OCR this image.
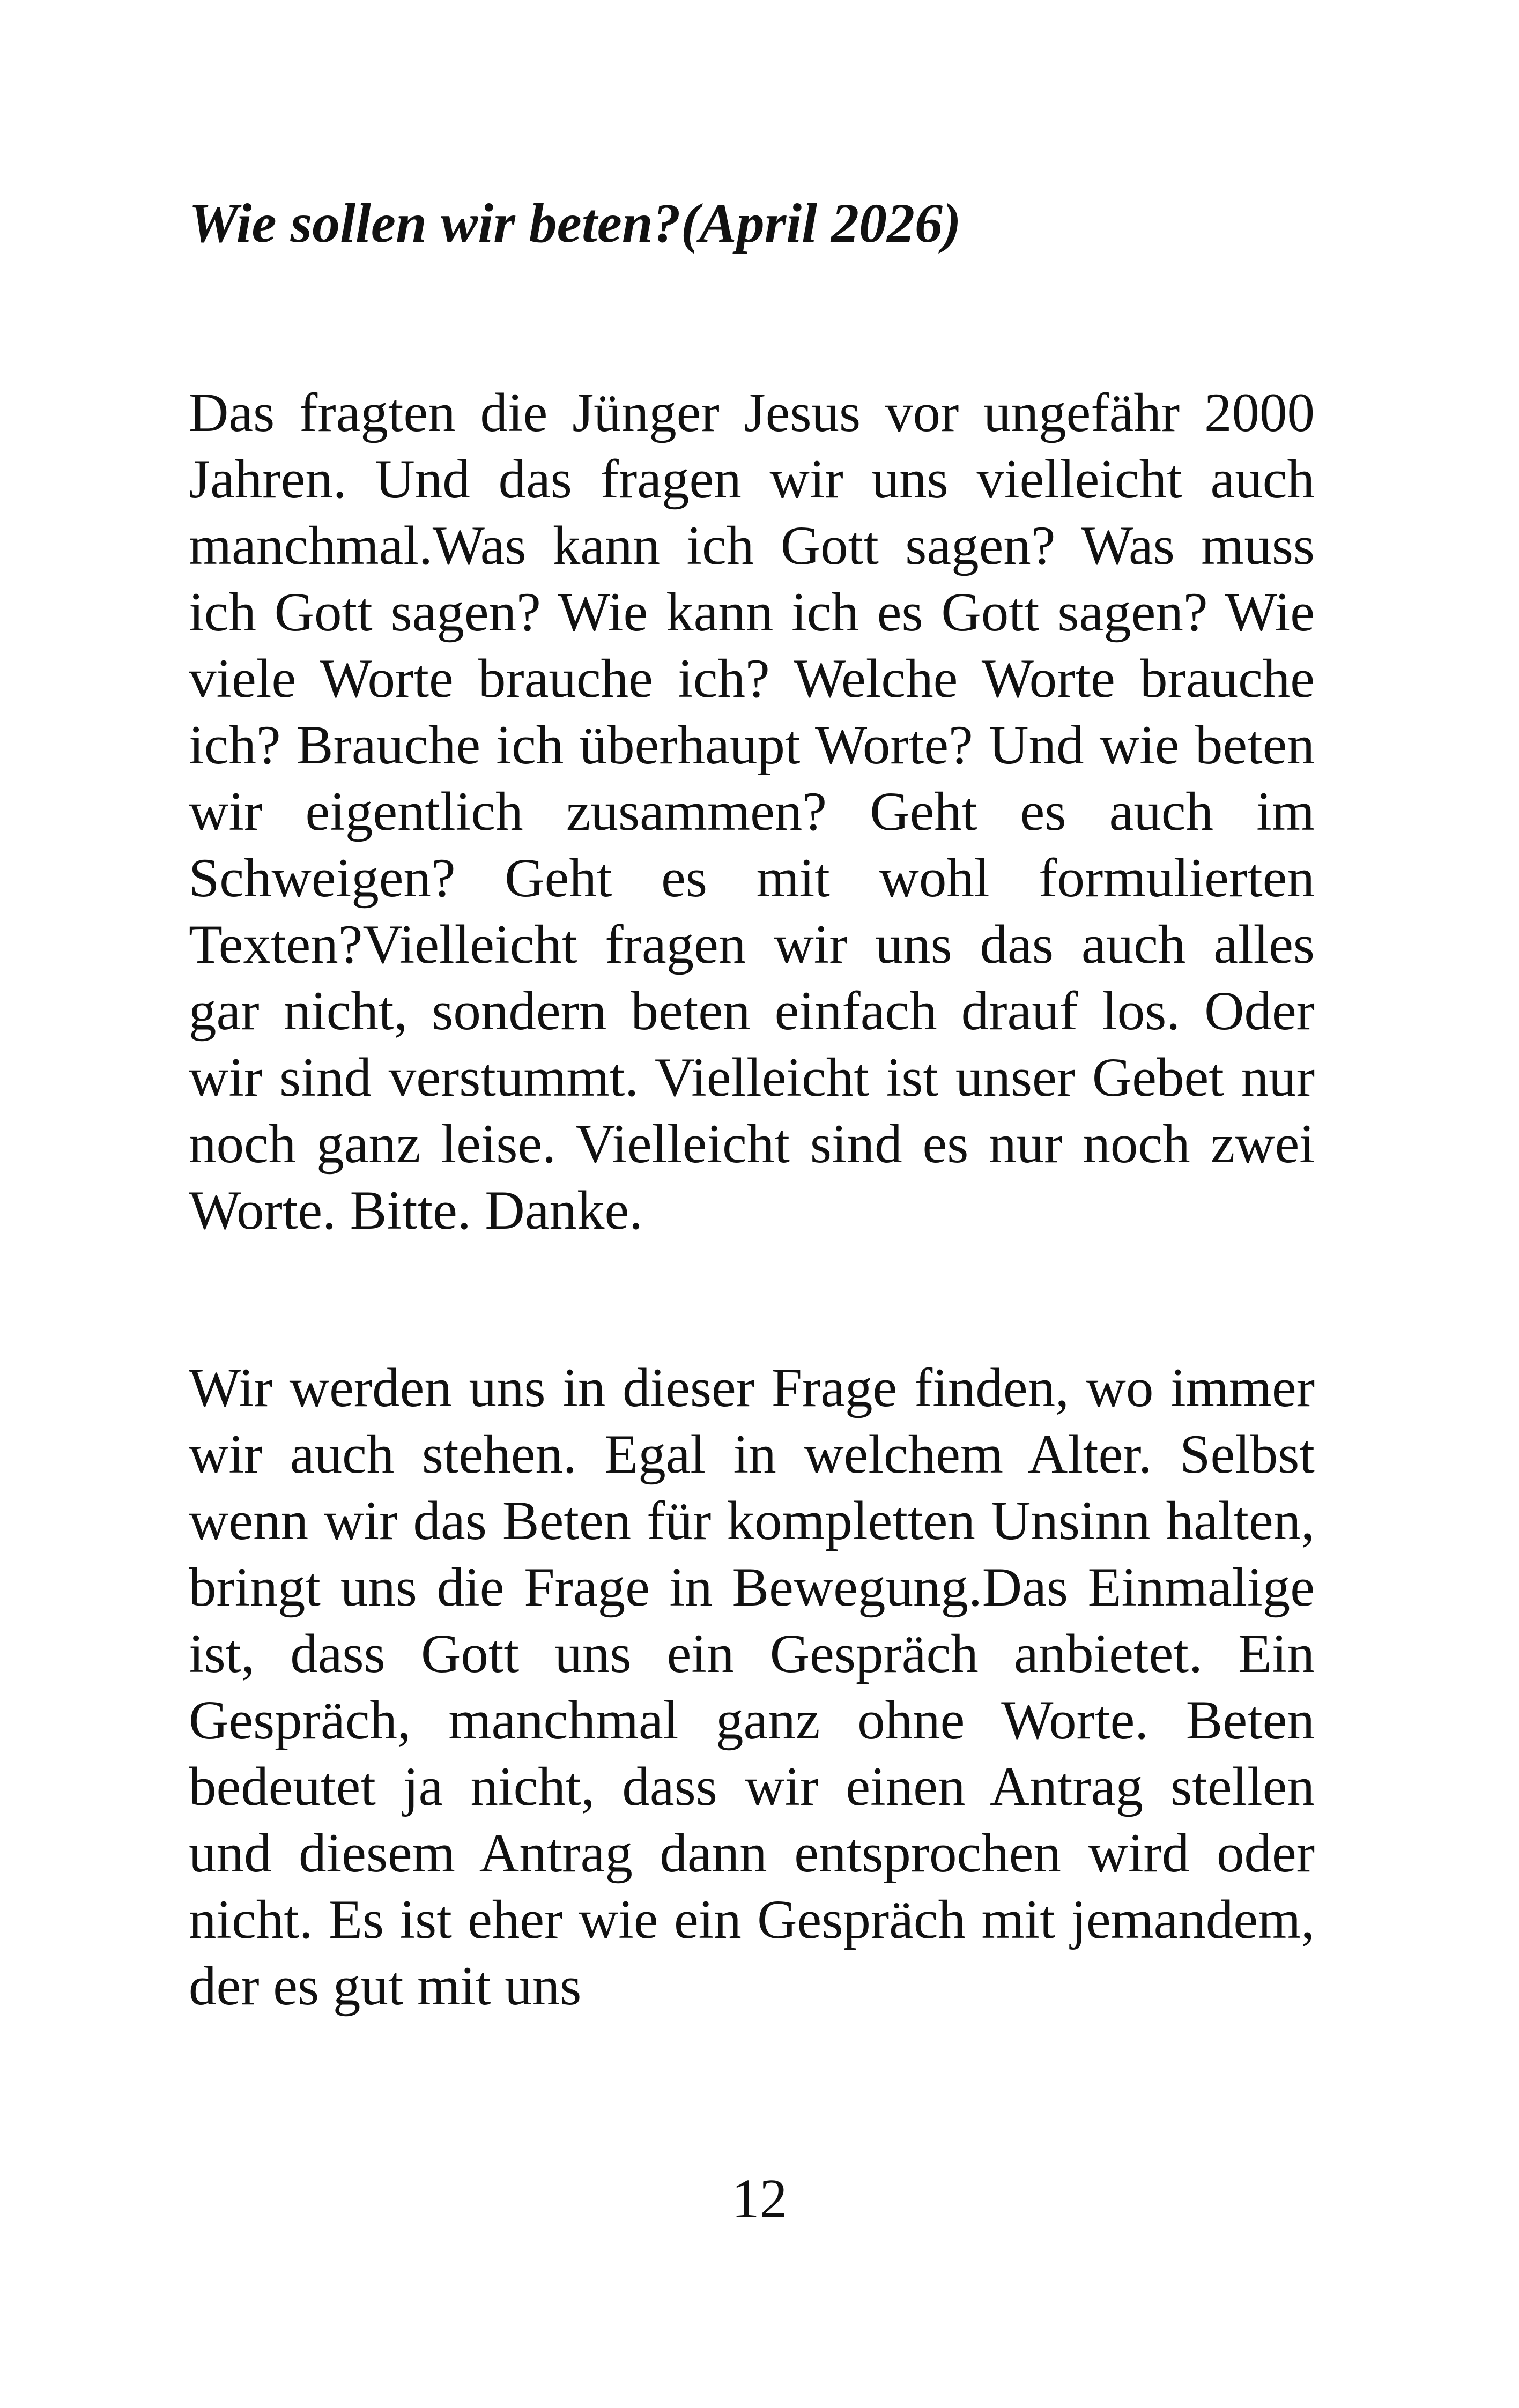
Wie sollen wir beten?(April 2026)

Das fragten die Jünger Jesus vor ungefähr 2000 Jahren. Und das fragen wir uns vielleicht auch manchmal.Was kann ich Gott sagen? Was muss ich Gott sagen? Wie kann ich es Gott sagen? Wie viele Worte brauche ich? Welche Worte brauche ich? Brauche ich überhaupt Worte? Und wie beten wir eigentlich zusammen? Geht es auch im Schweigen? Geht es mit wohl formulierten Texten?Vielleicht fragen wir uns das auch alles gar nicht, sondern beten einfach drauf los. Oder wir sind verstummt. Vielleicht ist unser Gebet nur noch ganz leise. Vielleicht sind es nur noch zwei Worte. Bitte. Danke.

Wir werden uns in dieser Frage finden, wo immer wir auch stehen. Egal in welchem Alter. Selbst wenn wir das Beten für kompletten Unsinn halten, bringt uns die Frage in Bewegung.Das Einmalige ist, dass Gott uns ein Gespräch anbietet. Ein Gespräch, manchmal ganz ohne Worte. Beten bedeutet ja nicht, dass wir einen Antrag stellen und diesem Antrag dann entsprochen wird oder nicht. Es ist eher wie ein Gespräch mit jemandem, der es gut mit uns

12
